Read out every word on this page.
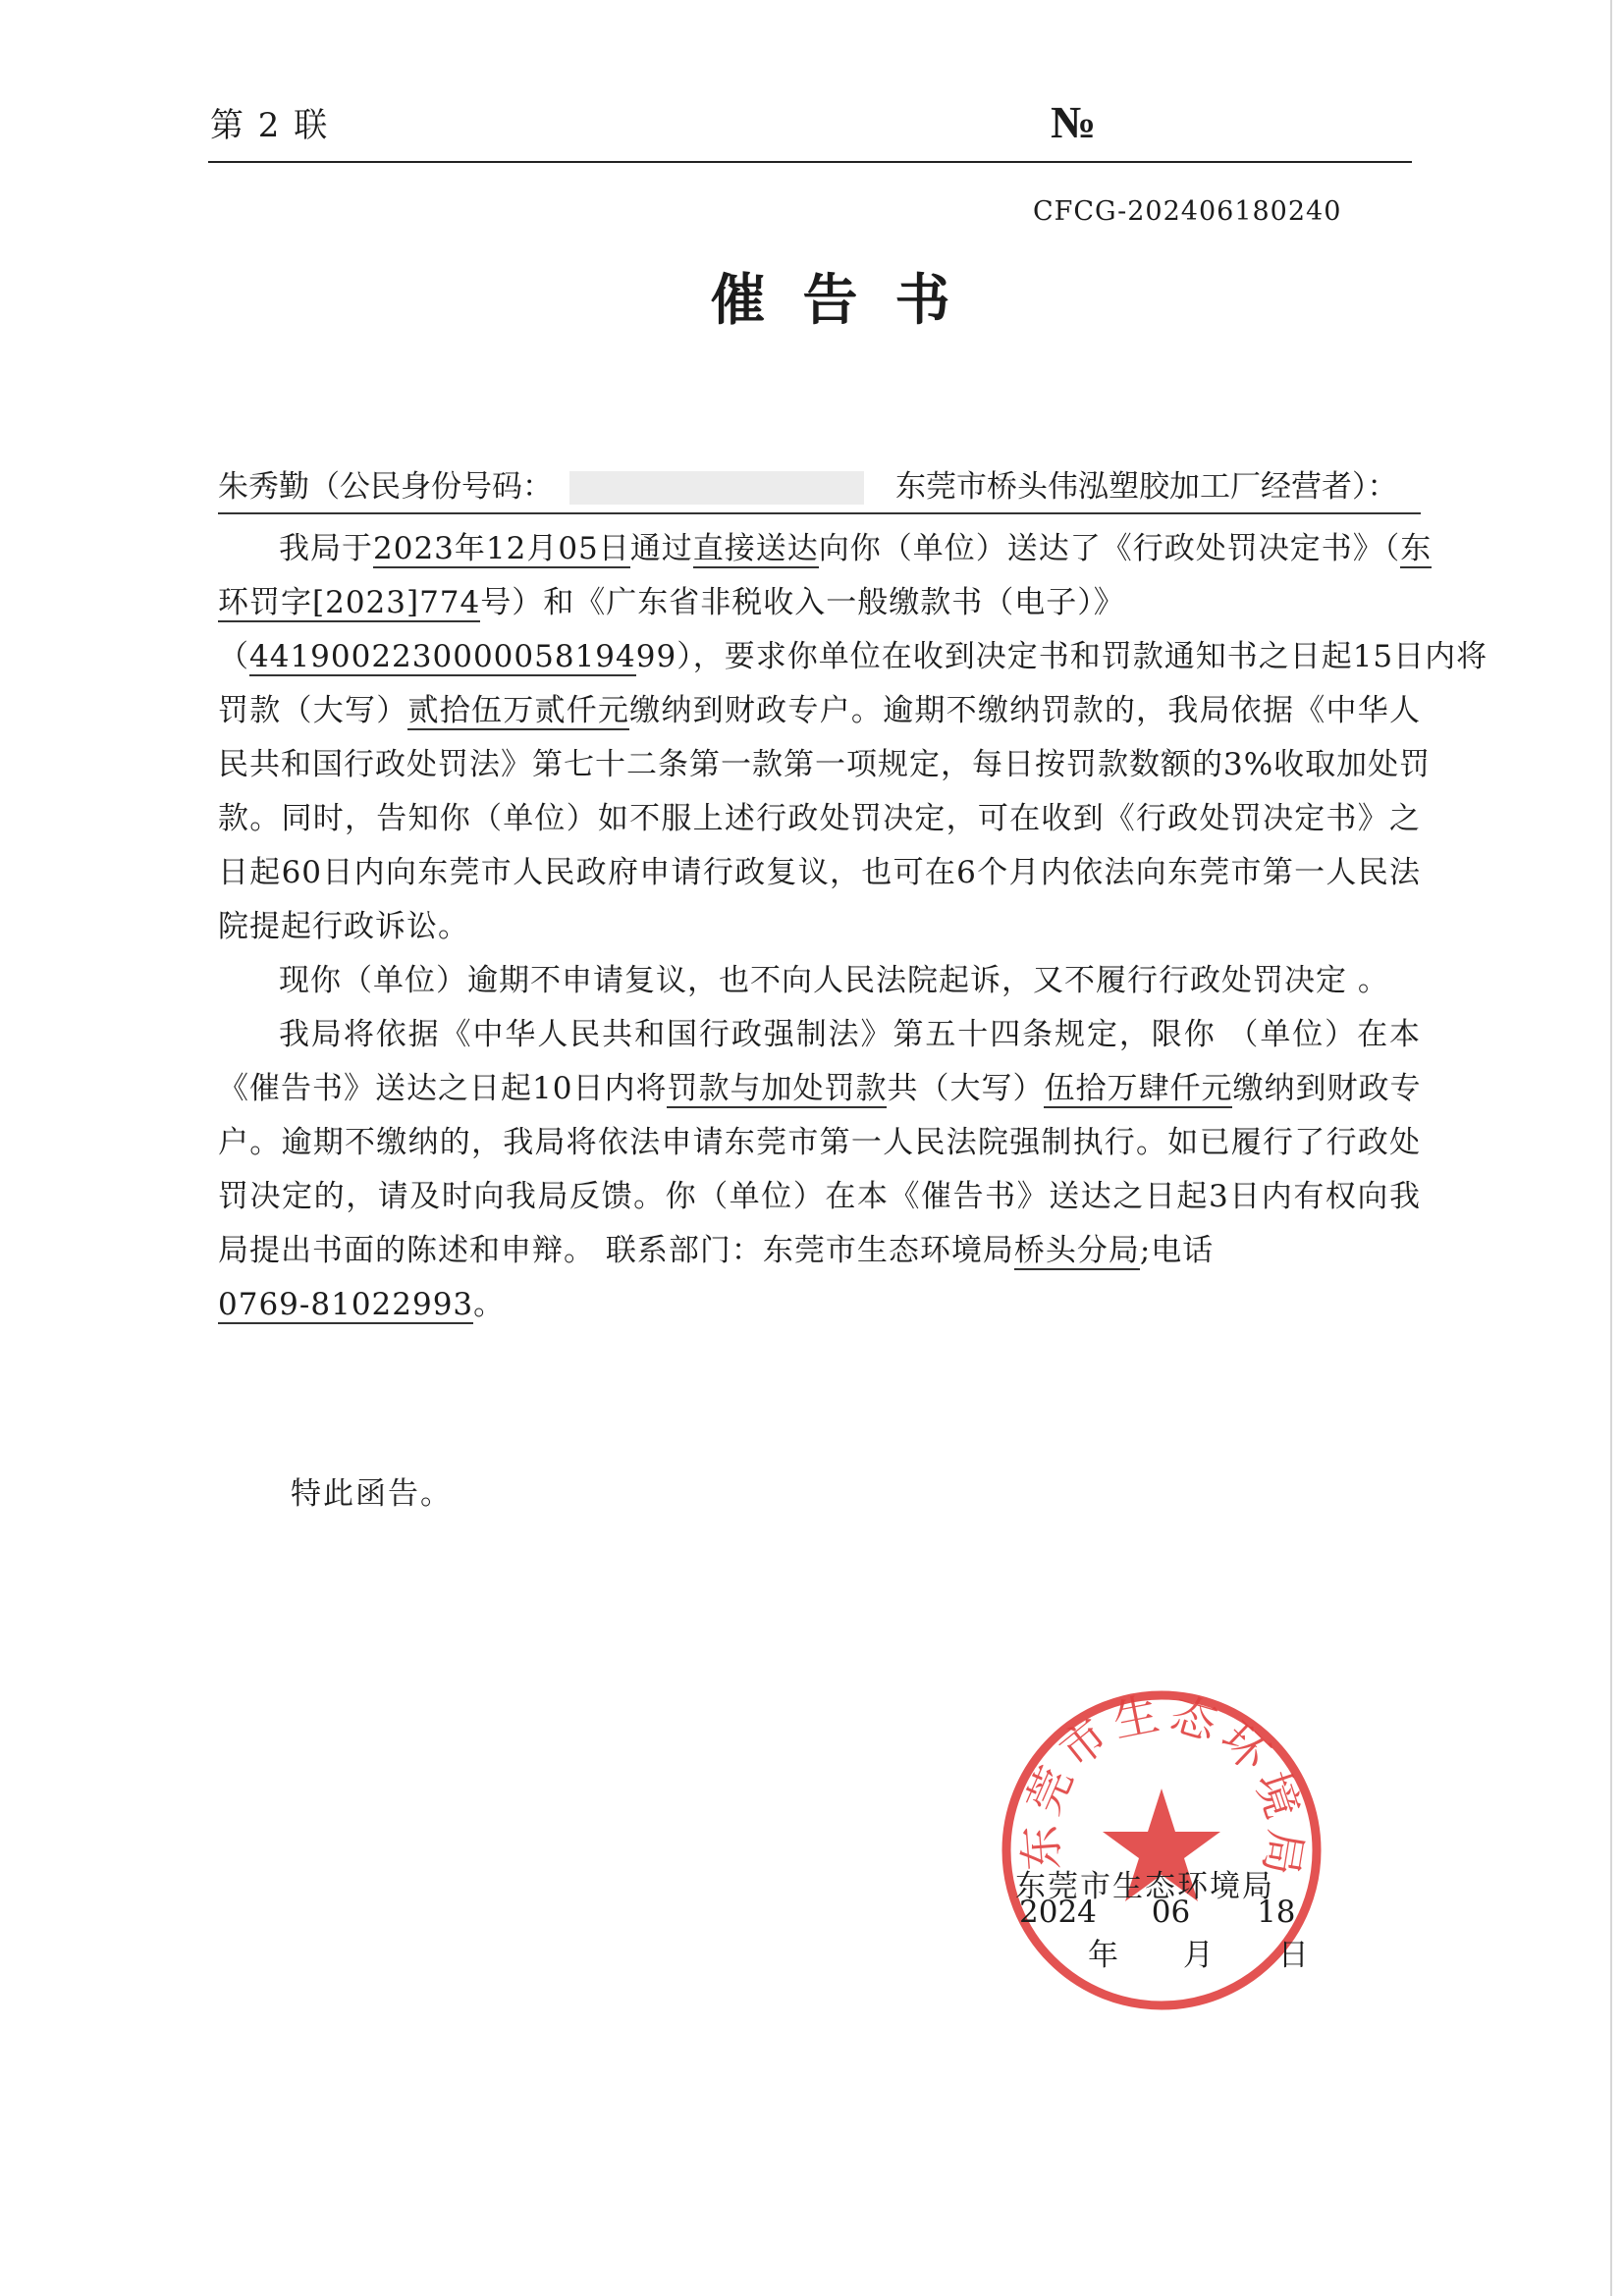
第 2 联	№
CFCG-202406180240
催告书
朱秀勤（公民身份号码：	东莞市桥头伟泓塑胶加工厂经营者）：
我局于2023年12月05日通过直接送达向你（单位）送达了《行政处罚决定书》（东
环罚字[2023]774号）和《广东省非税收入一般缴款书（电子）》
（441900223000005819499），要求你单位在收到决定书和罚款通知书之日起15日内将
罚款（大写）贰拾伍万贰仟元缴纳到财政专户。逾期不缴纳罚款的，我局依据《中华人
民共和国行政处罚法》第七十二条第一款第一项规定，每日按罚款数额的3%收取加处罚
款。同时，告知你（单位）如不服上述行政处罚决定，可在收到《行政处罚决定书》之
日起60日内向东莞市人民政府申请行政复议，也可在6个月内依法向东莞市第一人民法
院提起行政诉讼。
现你（单位）逾期不申请复议，也不向人民法院起诉，又不履行行政处罚决定 。
我局将依据《中华人民共和国行政强制法》第五十四条规定，限你 （单位）在本
《催告书》送达之日起10日内将罚款与加处罚款共（大写）伍拾万肆仟元缴纳到财政专
户。逾期不缴纳的，我局将依法申请东莞市第一人民法院强制执行。如已履行了行政处
罚决定的，请及时向我局反馈。你（单位）在本《催告书》送达之日起3日内有权向我
局提出书面的陈述和申辩。 联系部门：东莞市生态环境局桥头分局;电话
0769-81022993。
特此函告。
东莞市生态环境局
东莞市生态环境局
2024 06 18
年 月 日
